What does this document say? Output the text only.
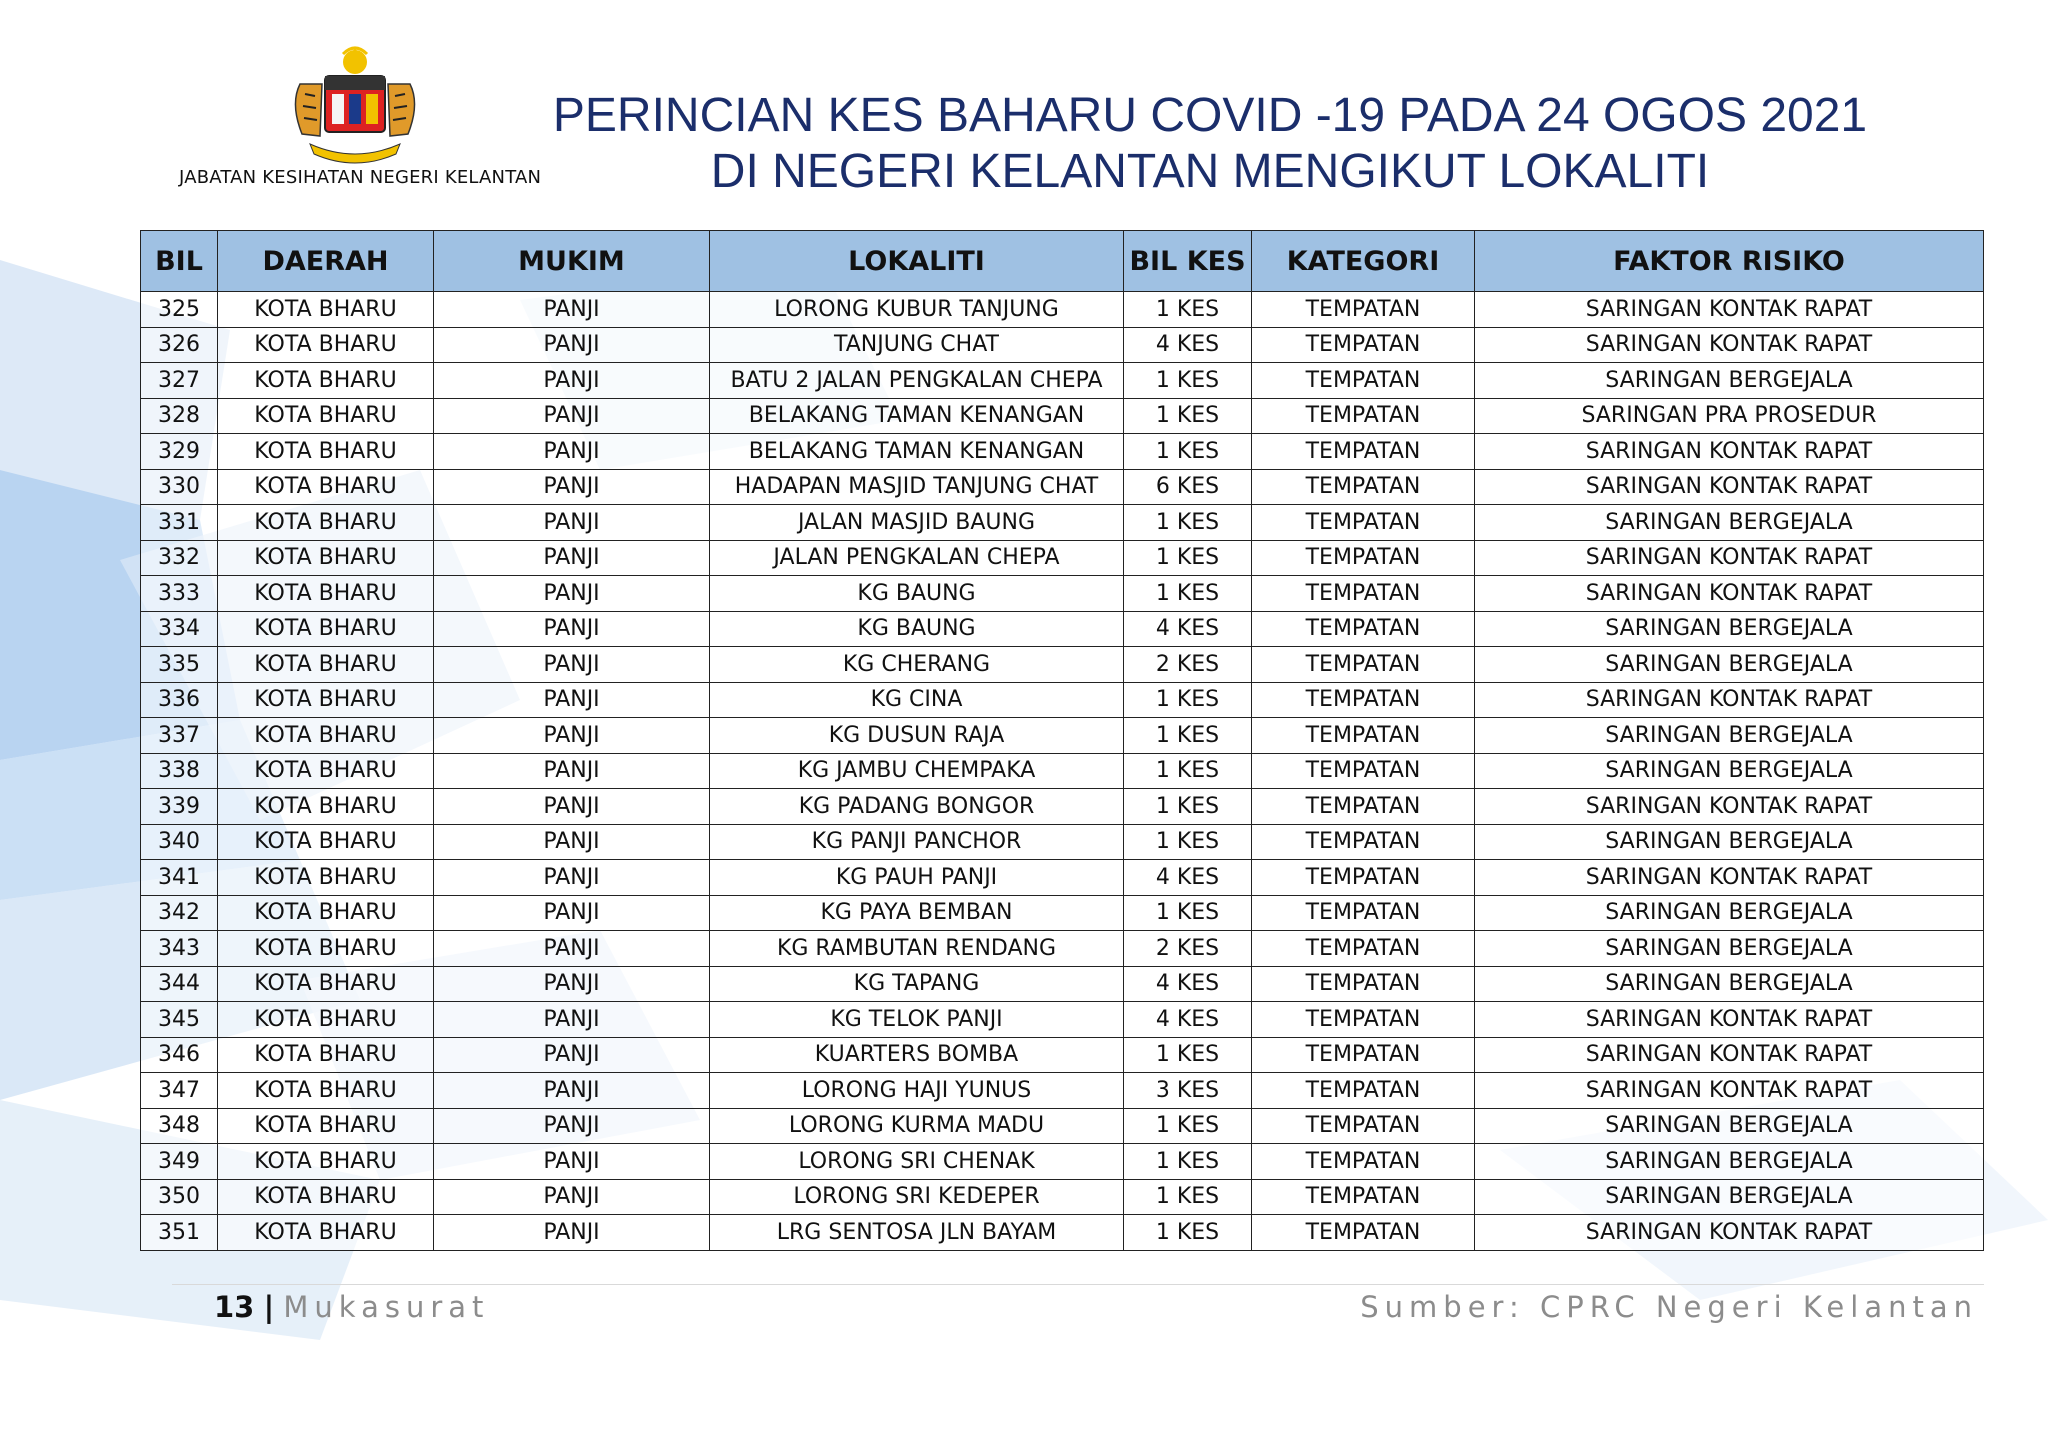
JABATAN KESIHATAN NEGERI KELANTAN
PERINCIAN KES BAHARU COVID -19 PADA 24 OGOS 2021
DI NEGERI KELANTAN MENGIKUT LOKALITI
BIL	DAERAH	MUKIM	LOKALITI	BIL KES	KATEGORI	FAKTOR RISIKO
325	KOTA BHARU	PANJI	LORONG KUBUR TANJUNG	1 KES	TEMPATAN	SARINGAN KONTAK RAPAT
326	KOTA BHARU	PANJI	TANJUNG CHAT	4 KES	TEMPATAN	SARINGAN KONTAK RAPAT
327	KOTA BHARU	PANJI	BATU 2 JALAN PENGKALAN CHEPA	1 KES	TEMPATAN	SARINGAN BERGEJALA
328	KOTA BHARU	PANJI	BELAKANG TAMAN KENANGAN	1 KES	TEMPATAN	SARINGAN PRA PROSEDUR
329	KOTA BHARU	PANJI	BELAKANG TAMAN KENANGAN	1 KES	TEMPATAN	SARINGAN KONTAK RAPAT
330	KOTA BHARU	PANJI	HADAPAN MASJID TANJUNG CHAT	6 KES	TEMPATAN	SARINGAN KONTAK RAPAT
331	KOTA BHARU	PANJI	JALAN MASJID BAUNG	1 KES	TEMPATAN	SARINGAN BERGEJALA
332	KOTA BHARU	PANJI	JALAN PENGKALAN CHEPA	1 KES	TEMPATAN	SARINGAN KONTAK RAPAT
333	KOTA BHARU	PANJI	KG BAUNG	1 KES	TEMPATAN	SARINGAN KONTAK RAPAT
334	KOTA BHARU	PANJI	KG BAUNG	4 KES	TEMPATAN	SARINGAN BERGEJALA
335	KOTA BHARU	PANJI	KG CHERANG	2 KES	TEMPATAN	SARINGAN BERGEJALA
336	KOTA BHARU	PANJI	KG CINA	1 KES	TEMPATAN	SARINGAN KONTAK RAPAT
337	KOTA BHARU	PANJI	KG DUSUN RAJA	1 KES	TEMPATAN	SARINGAN BERGEJALA
338	KOTA BHARU	PANJI	KG JAMBU CHEMPAKA	1 KES	TEMPATAN	SARINGAN BERGEJALA
339	KOTA BHARU	PANJI	KG PADANG BONGOR	1 KES	TEMPATAN	SARINGAN KONTAK RAPAT
340	KOTA BHARU	PANJI	KG PANJI PANCHOR	1 KES	TEMPATAN	SARINGAN BERGEJALA
341	KOTA BHARU	PANJI	KG PAUH PANJI	4 KES	TEMPATAN	SARINGAN KONTAK RAPAT
342	KOTA BHARU	PANJI	KG PAYA BEMBAN	1 KES	TEMPATAN	SARINGAN BERGEJALA
343	KOTA BHARU	PANJI	KG RAMBUTAN RENDANG	2 KES	TEMPATAN	SARINGAN BERGEJALA
344	KOTA BHARU	PANJI	KG TAPANG	4 KES	TEMPATAN	SARINGAN BERGEJALA
345	KOTA BHARU	PANJI	KG TELOK PANJI	4 KES	TEMPATAN	SARINGAN KONTAK RAPAT
346	KOTA BHARU	PANJI	KUARTERS BOMBA	1 KES	TEMPATAN	SARINGAN KONTAK RAPAT
347	KOTA BHARU	PANJI	LORONG HAJI YUNUS	3 KES	TEMPATAN	SARINGAN KONTAK RAPAT
348	KOTA BHARU	PANJI	LORONG KURMA MADU	1 KES	TEMPATAN	SARINGAN BERGEJALA
349	KOTA BHARU	PANJI	LORONG SRI CHENAK	1 KES	TEMPATAN	SARINGAN BERGEJALA
350	KOTA BHARU	PANJI	LORONG SRI KEDEPER	1 KES	TEMPATAN	SARINGAN BERGEJALA
351	KOTA BHARU	PANJI	LRG SENTOSA JLN BAYAM	1 KES	TEMPATAN	SARINGAN KONTAK RAPAT
13 | Mukasurat	Sumber: CPRC Negeri Kelantan
